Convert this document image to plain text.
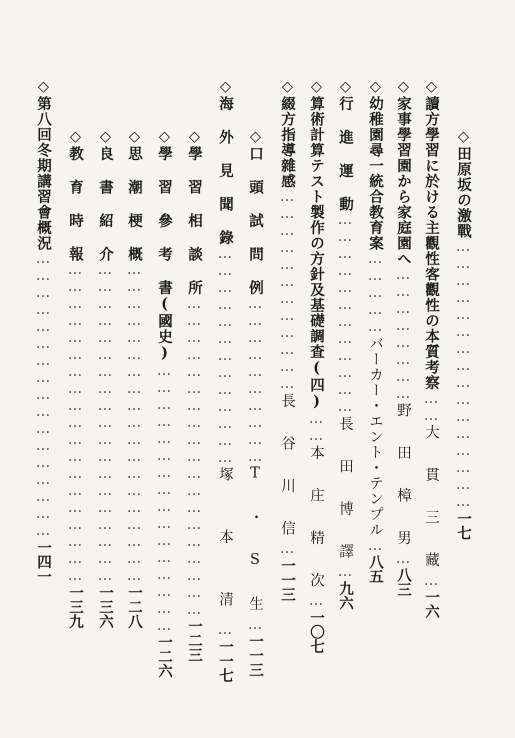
◇田原坂の激戰…………………………………………一七
◇讀方學習に於ける主觀性客觀性の本質考察……大 貫 三 藏…一六
◇家事學習園から家庭園へ……………………野 田 樟 男…八三
◇幼稚園尋一統合教育案……………バーカー・エント・テンプル…八五
◇行 進 運 動………………………………長 田 博 譯…九六
◇算術計算テスト製作の方針及基礎調査(四)……本 庄 精 次…一〇七
◇綴方指導雜感………………………………長 谷 川 信…一一三
◇口 頭 試 問 例…………………………T ・ S 生…一一三
◇海 外 見 聞 錄…………………………………塚 本 清…一一七
◇學 習 相 談 所…………………………………………………一二三
◇學 習 參 考 書(國史)…………………………………………一二六
◇思 潮 梗 概…………………………………………………一二八
◇良 書 紹 介…………………………………………………一三六
◇教 育 時 報…………………………………………………一三九
◇第八回冬期講習會概況……………………………………………一四一
